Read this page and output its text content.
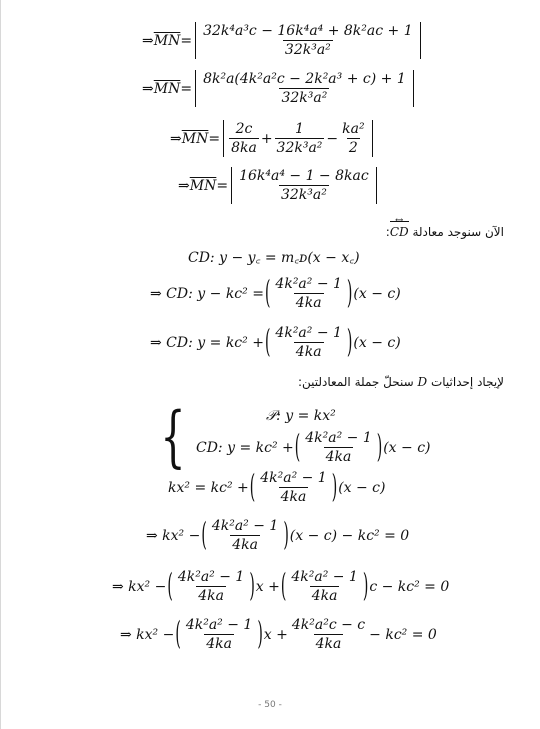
⇒ $\overline{MN} = \frac{\text{32k⁴a³c − 16k⁴a⁴ + 8k²ac + 1}}{\text{32k³a²}}$
⇒ $\overline{MN} = \frac{\text{8k²a(4k²a²c − 2k²a³ + c) + 1}}{\text{32k³a²}}$
⇒ $\overline{MN} = \frac{2c}{8ka} + \frac{1}{\text{32k³a²}} - \frac{\text{ka²}}{2}$
⇒ $\overline{MN} = \frac{\text{16k⁴a⁴ − 1 − 8kac}}{\text{32k³a²}}$
الآن سنوجد معادلة CD ↔:
CD: y − y꜀ = m꜀ᴅ(x − x꜀)
⇒ CD: y − kc² = ( $\frac{\text{4k²a² − 1}}{4ka}$ ) (x − c)
⇒ CD: y = kc² + ( $\frac{\text{4k²a² − 1}}{4ka}$ ) (x − c)
لإيجاد إحداثيات D سنحلّ جملة المعادلتين:
{	𝒫: y = kx²
CD: y = kc² + ( $\frac{\text{4k²a² − 1}}{4ka}$ ) (x − c)
kx² = kc² + ( $\frac{\text{4k²a² − 1}}{4ka}$ ) (x − c)
⇒ kx² − ( $\frac{\text{4k²a² − 1}}{4ka}$ ) (x − c) − kc² = 0
⇒ kx² − ( $\frac{\text{4k²a² − 1}}{4ka}$ ) x + ( $\frac{\text{4k²a² − 1}}{4ka}$ ) c − kc² = 0
⇒ kx² − ( $\frac{\text{4k²a² − 1}}{4ka}$ ) $x + \frac{\text{4k²a²c − c}}{4ka} - kc^2 = 0$
- 50 -
